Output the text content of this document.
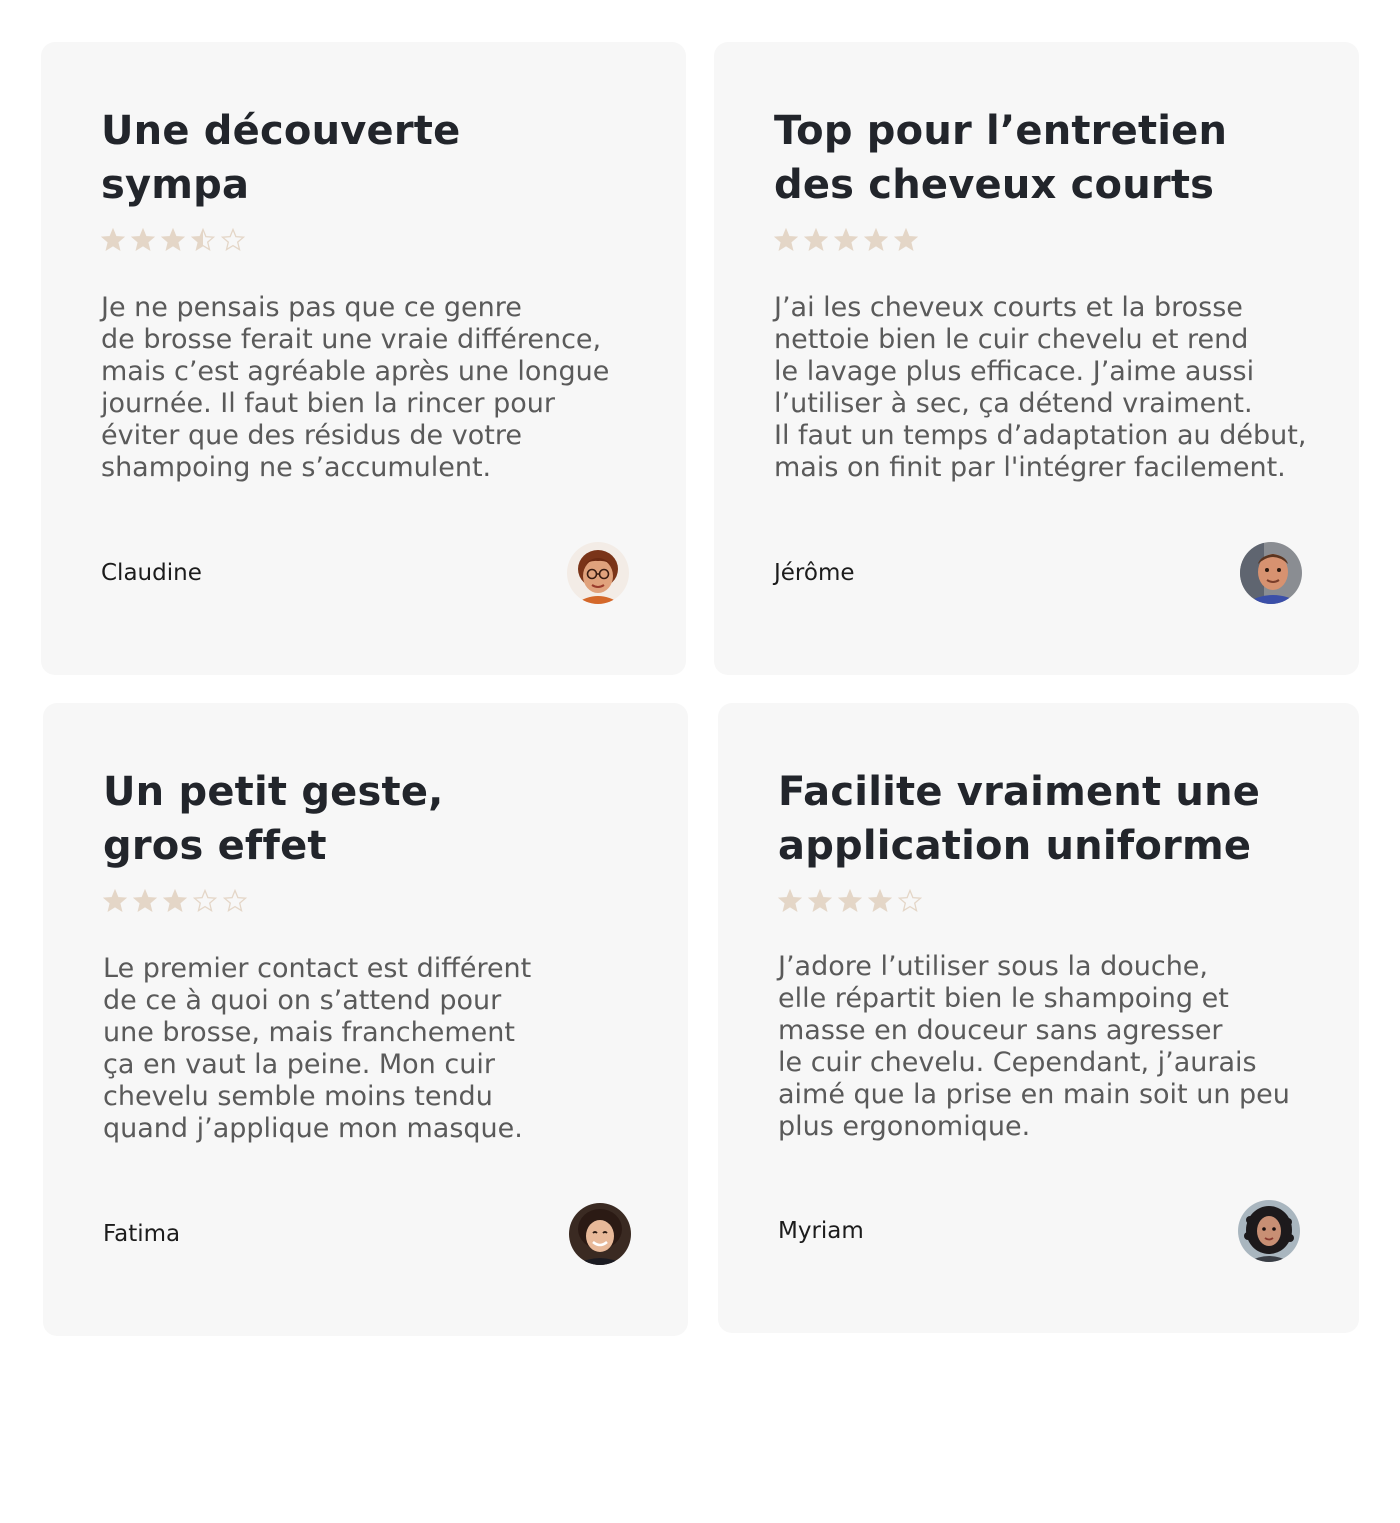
Une découverte
sympa

Je ne pensais pas que ce genre
de brosse ferait une vraie différence,
mais c’est agréable après une longue
journée. Il faut bien la rincer pour
éviter que des résidus de votre
shampoing ne s’accumulent.

Claudine

Top pour l’entretien
des cheveux courts

J’ai les cheveux courts et la brosse
nettoie bien le cuir chevelu et rend
le lavage plus efficace. J’aime aussi
l’utiliser à sec, ça détend vraiment.
Il faut un temps d’adaptation au début,
mais on finit par l'intégrer facilement.

Jérôme

Un petit geste,
gros effet

Le premier contact est différent
de ce à quoi on s’attend pour
une brosse, mais franchement
ça en vaut la peine. Mon cuir
chevelu semble moins tendu
quand j’applique mon masque.

Fatima

Facilite vraiment une
application uniforme

J’adore l’utiliser sous la douche,
elle répartit bien le shampoing et
masse en douceur sans agresser
le cuir chevelu. Cependant, j’aurais
aimé que la prise en main soit un peu
plus ergonomique.

Myriam
